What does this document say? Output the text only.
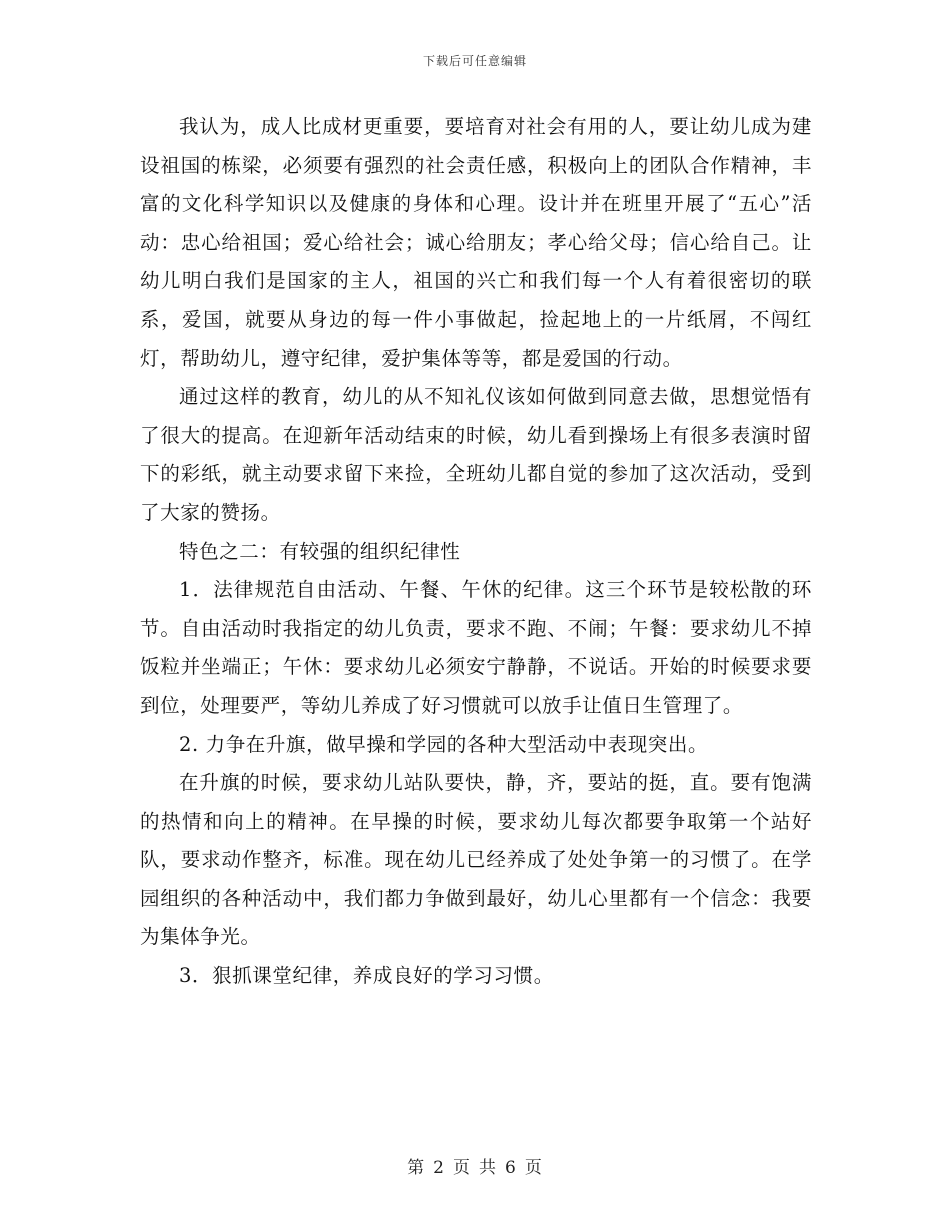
下载后可任意编辑

我认为，成人比成材更重要，要培育对社会有用的人，要让幼儿成为建设祖国的栋梁，必须要有强烈的社会责任感，积极向上的团队合作精神，丰富的文化科学知识以及健康的身体和心理。设计并在班里开展了“五心”活动：忠心给祖国；爱心给社会；诚心给朋友；孝心给父母；信心给自己。让幼儿明白我们是国家的主人，祖国的兴亡和我们每一个人有着很密切的联系，爱国，就要从身边的每一件小事做起，捡起地上的一片纸屑，不闯红灯，帮助幼儿，遵守纪律，爱护集体等等，都是爱国的行动。

通过这样的教育，幼儿的从不知礼仪该如何做到同意去做，思想觉悟有了很大的提高。在迎新年活动结束的时候，幼儿看到操场上有很多表演时留下的彩纸，就主动要求留下来捡，全班幼儿都自觉的参加了这次活动，受到了大家的赞扬。

特色之二：有较强的组织纪律性

1．法律规范自由活动、午餐、午休的纪律。这三个环节是较松散的环节。自由活动时我指定的幼儿负责，要求不跑、不闹；午餐：要求幼儿不掉饭粒并坐端正；午休：要求幼儿必须安宁静静，不说话。开始的时候要求要到位，处理要严，等幼儿养成了好习惯就可以放手让值日生管理了。

2. 力争在升旗，做早操和学园的各种大型活动中表现突出。

在升旗的时候，要求幼儿站队要快，静，齐，要站的挺，直。要有饱满的热情和向上的精神。在早操的时候，要求幼儿每次都要争取第一个站好队，要求动作整齐，标准。现在幼儿已经养成了处处争第一的习惯了。在学园组织的各种活动中，我们都力争做到最好，幼儿心里都有一个信念：我要为集体争光。

3．狠抓课堂纪律，养成良好的学习习惯。

第 2 页 共 6 页
